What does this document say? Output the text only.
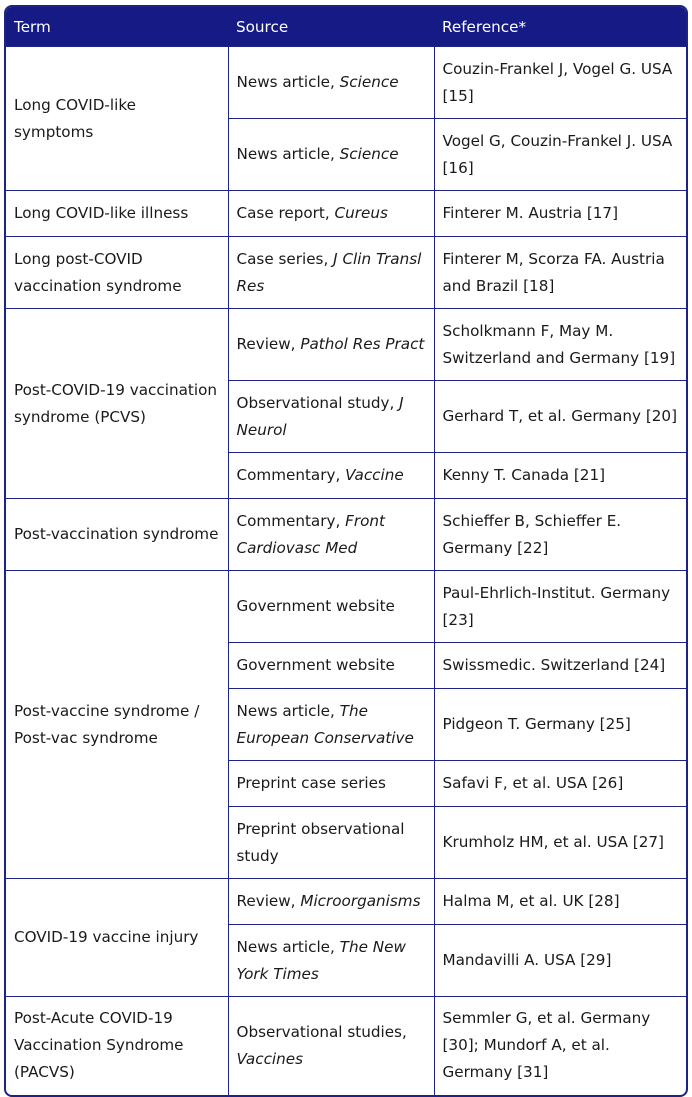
Term	Source	Reference*
Long COVID-like symptoms	News article, Science	Couzin-Frankel J, Vogel G. USA [15]
	News article, Science	Vogel G, Couzin-Frankel J. USA [16]
Long COVID-like illness	Case report, Cureus	Finterer M. Austria [17]
Long post-COVID vaccination syndrome	Case series, J Clin Transl Res	Finterer M, Scorza FA. Austria and Brazil [18]
Post-COVID-19 vaccination syndrome (PCVS)	Review, Pathol Res Pract	Scholkmann F, May M. Switzerland and Germany [19]
	Observational study, J Neurol	Gerhard T, et al. Germany [20]
	Commentary, Vaccine	Kenny T. Canada [21]
Post-vaccination syndrome	Commentary, Front Cardiovasc Med	Schieffer B, Schieffer E. Germany [22]
Post-vaccine syndrome / Post-vac syndrome	Government website	Paul-Ehrlich-Institut. Germany [23]
	Government website	Swissmedic. Switzerland [24]
	News article, The European Conservative	Pidgeon T. Germany [25]
	Preprint case series	Safavi F, et al. USA [26]
	Preprint observational study	Krumholz HM, et al. USA [27]
COVID-19 vaccine injury	Review, Microorganisms	Halma M, et al. UK [28]
	News article, The New York Times	Mandavilli A. USA [29]
Post-Acute COVID-19 Vaccination Syndrome (PACVS)	Observational studies, Vaccines	Semmler G, et al. Germany [30]; Mundorf A, et al. Germany [31]
